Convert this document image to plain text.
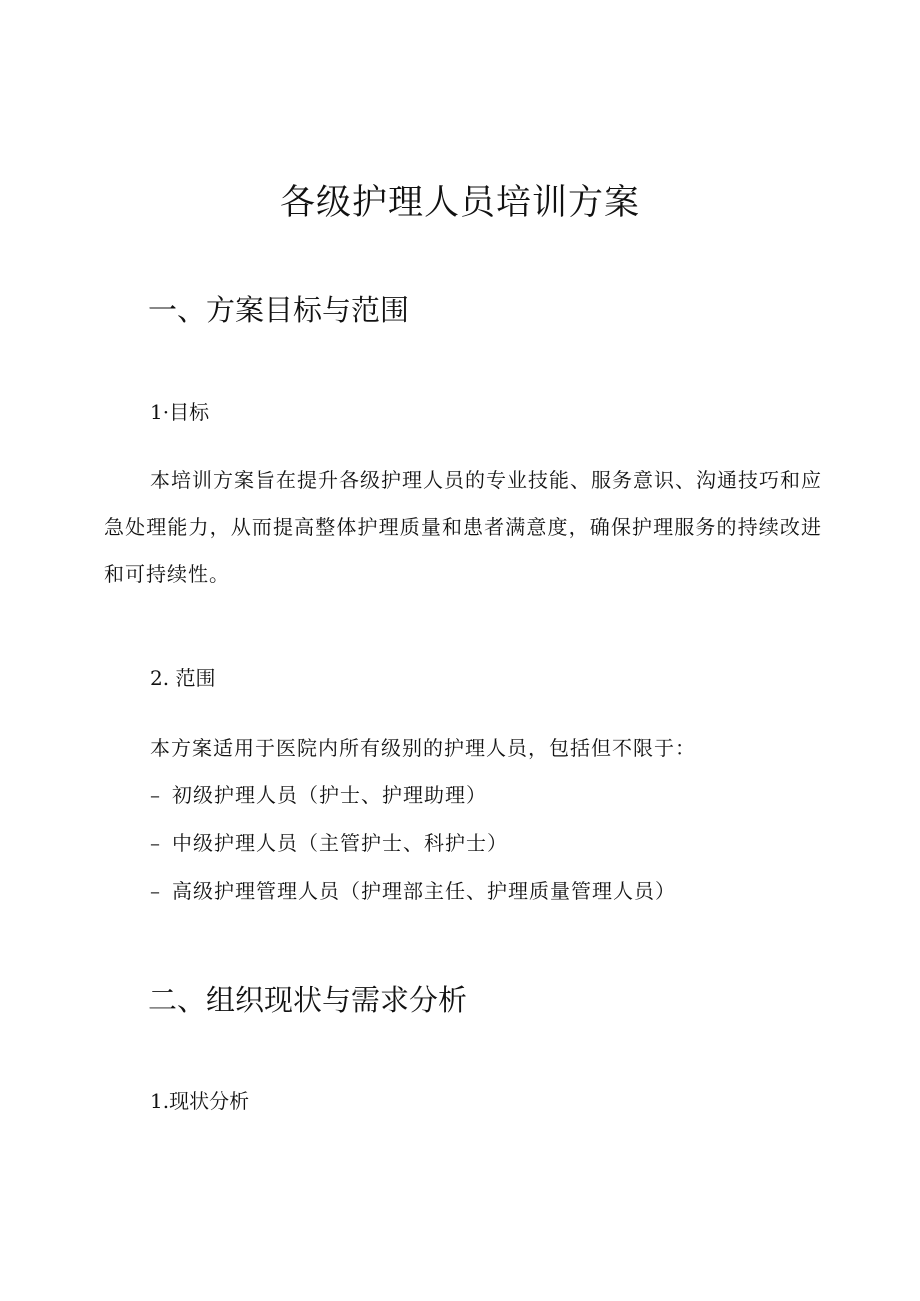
各级护理人员培训方案
一、方案目标与范围
1·目标

本培训方案旨在提升各级护理人员的专业技能、服务意识、沟通技巧和应急处理能力，从而提高整体护理质量和患者满意度，确保护理服务的持续改进和可持续性。

2. 范围

本方案适用于医院内所有级别的护理人员，包括但不限于：

– 初级护理人员（护士、护理助理）

– 中级护理人员（主管护士、科护士）

– 高级护理管理人员（护理部主任、护理质量管理人员）

二、组织现状与需求分析
1.现状分析
